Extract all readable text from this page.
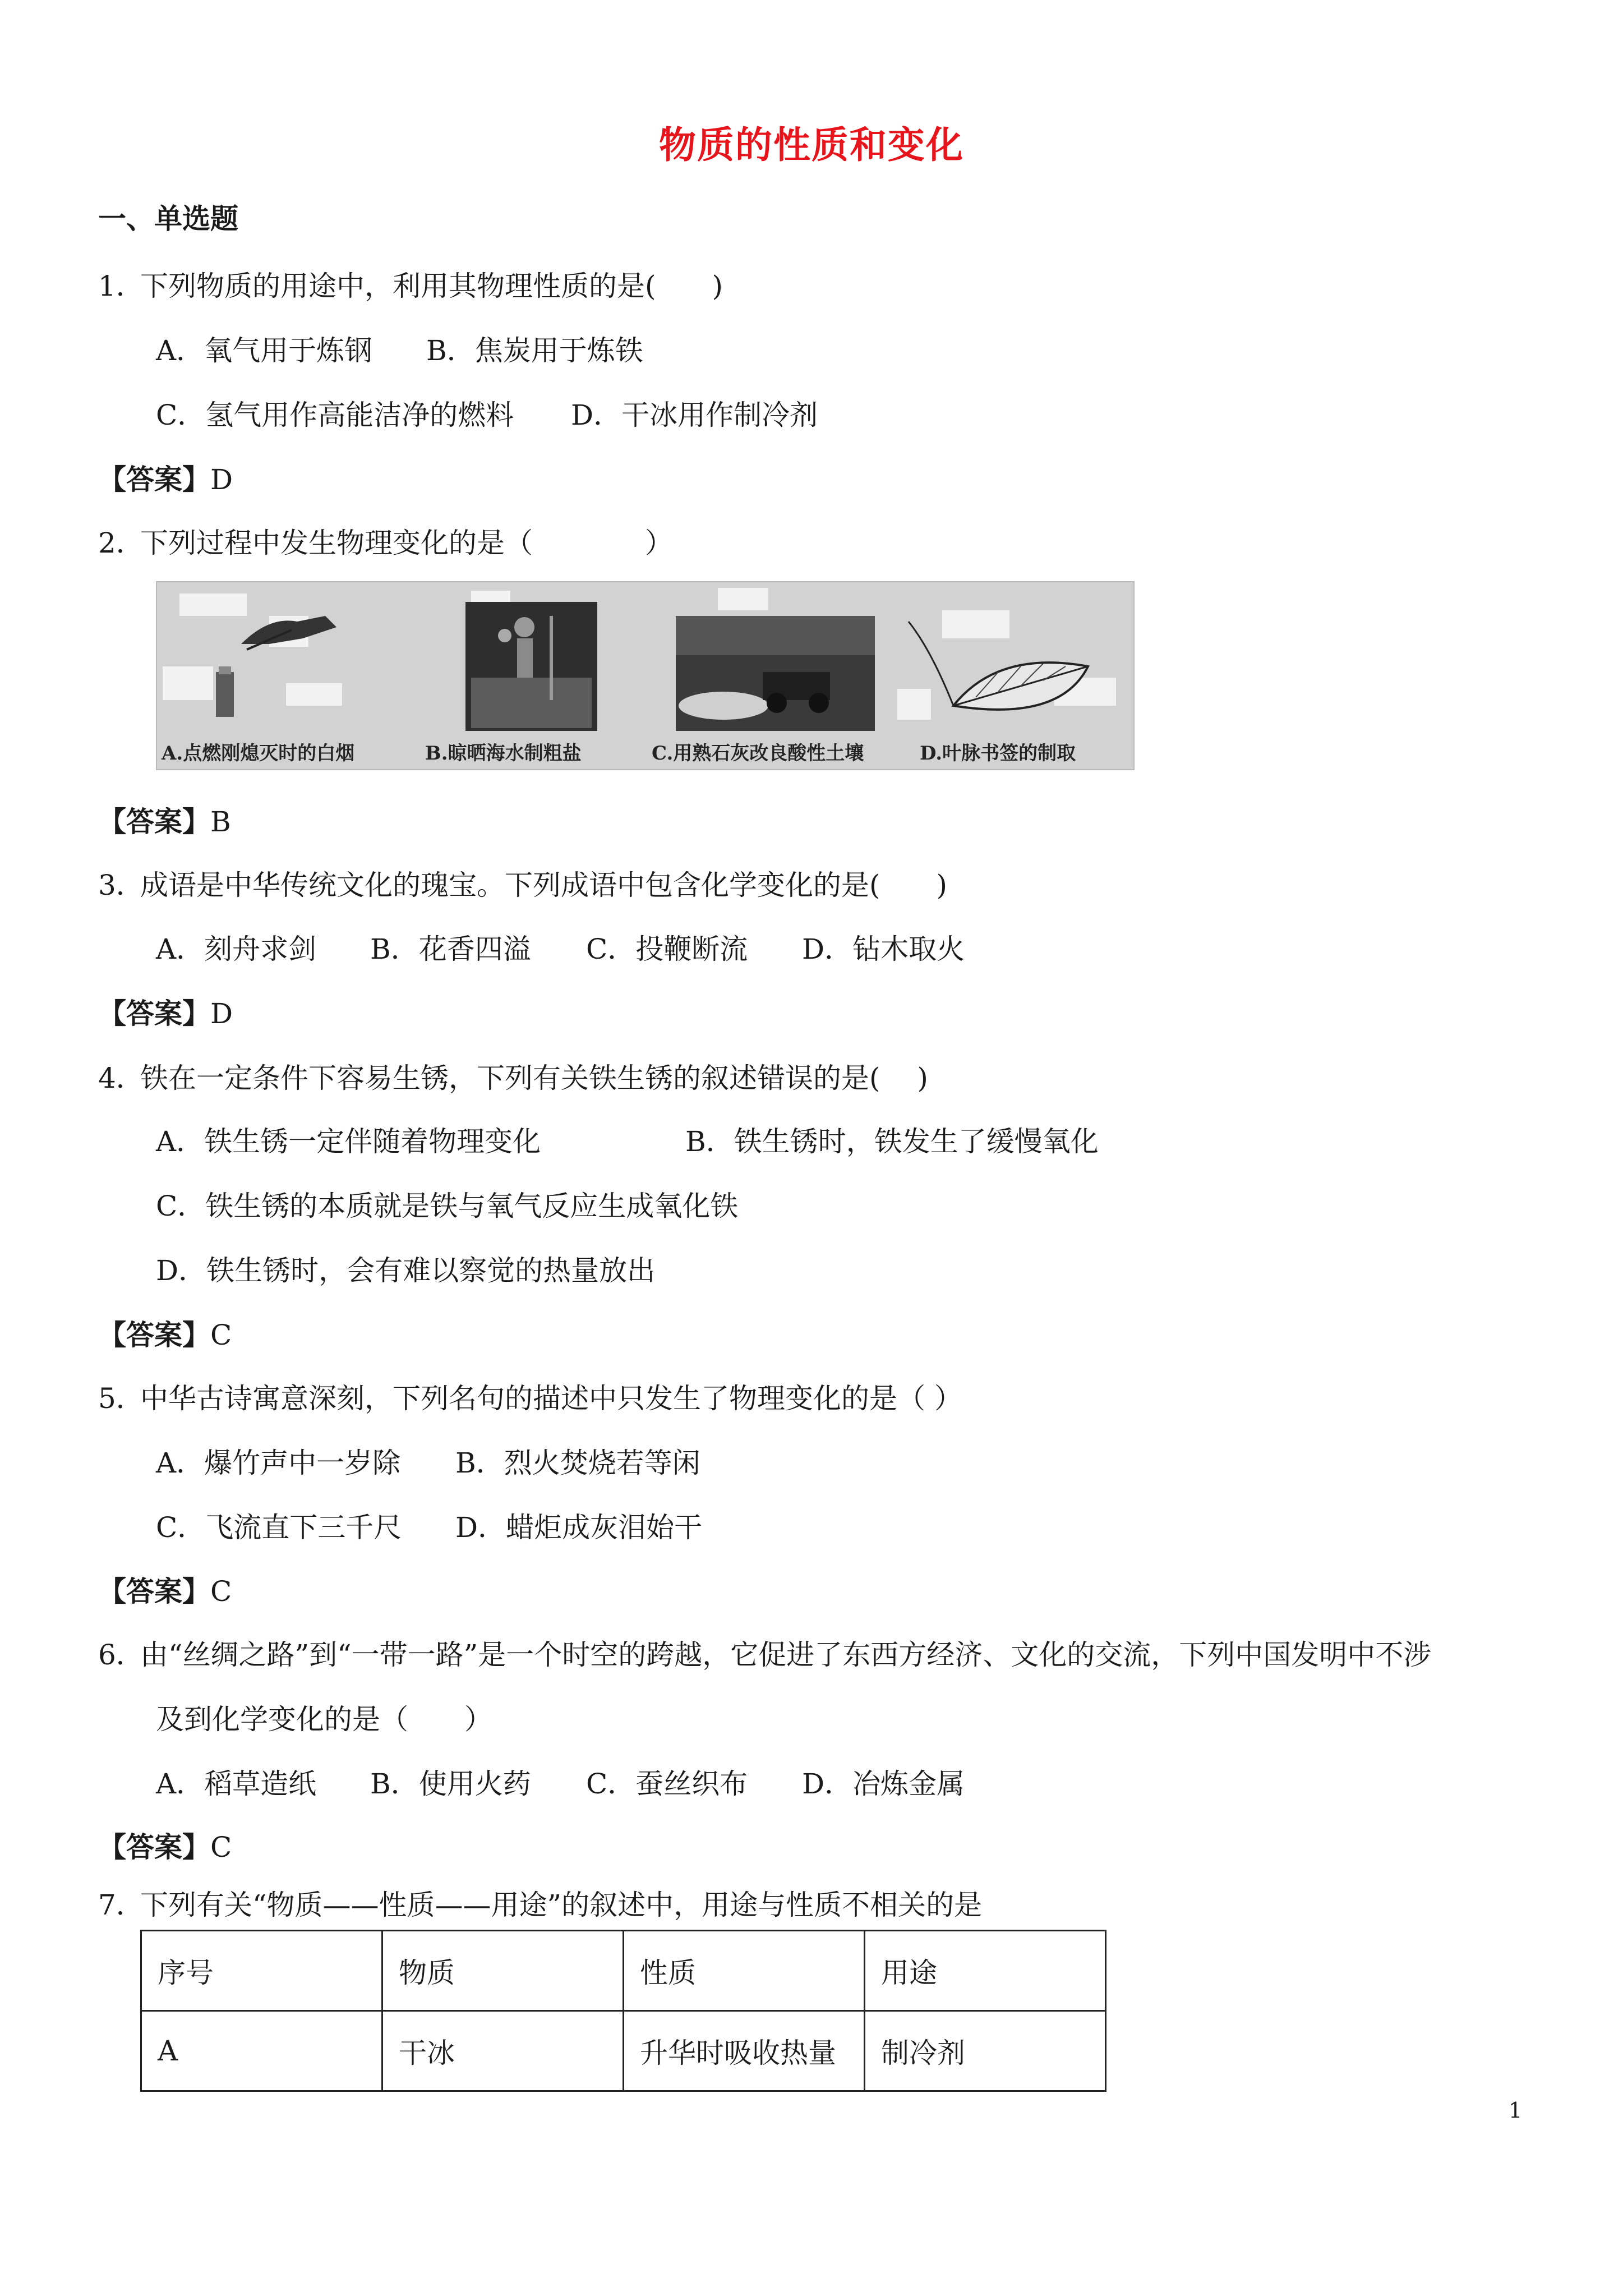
物质的性质和变化
一、单选题
1．下列物质的用途中，利用其物理性质的是(　　)
A．氧气用于炼钢 B．焦炭用于炼铁
C．氢气用作高能洁净的燃料 D．干冰用作制冷剂
【答案】D
2．下列过程中发生物理变化的是（　　　　）
A.点燃刚熄灭时的白烟	B.晾晒海水制粗盐	C.用熟石灰改良酸性土壤	D.叶脉书签的制取
【答案】B
3．成语是中华传统文化的瑰宝。下列成语中包含化学变化的是(　　)
A．刻舟求剑 B．花香四溢 C．投鞭断流 D．钻木取火
【答案】D
4．铁在一定条件下容易生锈，下列有关铁生锈的叙述错误的是(　 )
A．铁生锈一定伴随着物理变化	B．铁生锈时，铁发生了缓慢氧化
C．铁生锈的本质就是铁与氧气反应生成氧化铁
D．铁生锈时，会有难以察觉的热量放出
【答案】C
5．中华古诗寓意深刻，下列名句的描述中只发生了物理变化的是（ ）
A．爆竹声中一岁除 B．烈火焚烧若等闲
C．飞流直下三千尺 D．蜡炬成灰泪始干
【答案】C
6．由“丝绸之路”到“一带一路”是一个时空的跨越，它促进了东西方经济、文化的交流，下列中国发明中不涉
及到化学变化的是（　　）
A．稻草造纸 B．使用火药 C．蚕丝织布 D．冶炼金属
【答案】C
7．下列有关“物质——性质——用途”的叙述中，用途与性质不相关的是
序号	物质	性质	用途
A	干冰	升华时吸收热量	制冷剂
1
